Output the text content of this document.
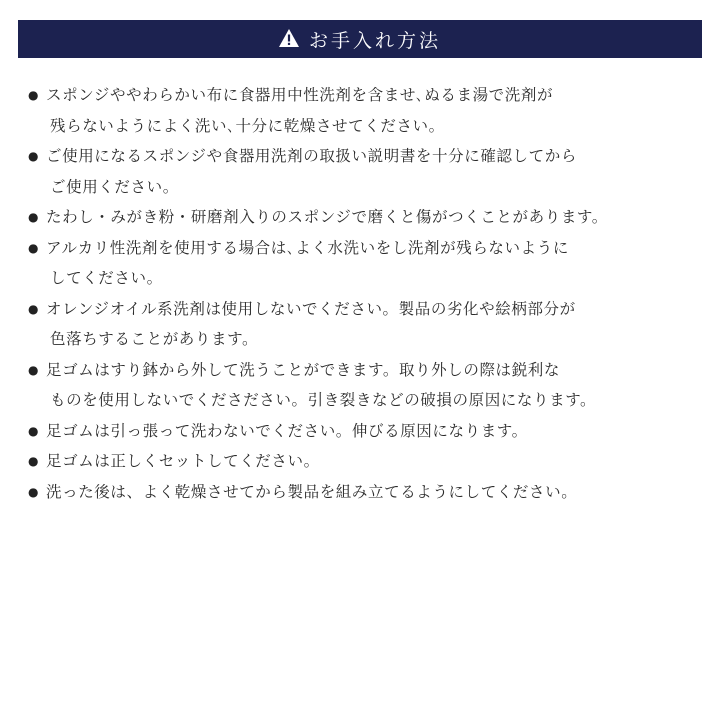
お手入れ方法
● スポンジややわらかい布に食器用中性洗剤を含ませ､ぬるま湯で洗剤が
残らないようによく洗い､十分に乾燥させてください。
● ご使用になるスポンジや食器用洗剤の取扱い説明書を十分に確認してから
ご使用ください。
● たわし・みがき粉・研磨剤入りのスポンジで磨くと傷がつくことがあります。
● アルカリ性洗剤を使用する場合は､よく水洗いをし洗剤が残らないように
してください。
● オレンジオイル系洗剤は使用しないでください。製品の劣化や絵柄部分が
色落ちすることがあります。
● 足ゴムはすり鉢から外して洗うことができます。取り外しの際は鋭利な
ものを使用しないでくださださい。引き裂きなどの破損の原因になります。
● 足ゴムは引っ張って洗わないでください。伸びる原因になります。
● 足ゴムは正しくセットしてください。
● 洗った後は、よく乾燥させてから製品を組み立てるようにしてください。
